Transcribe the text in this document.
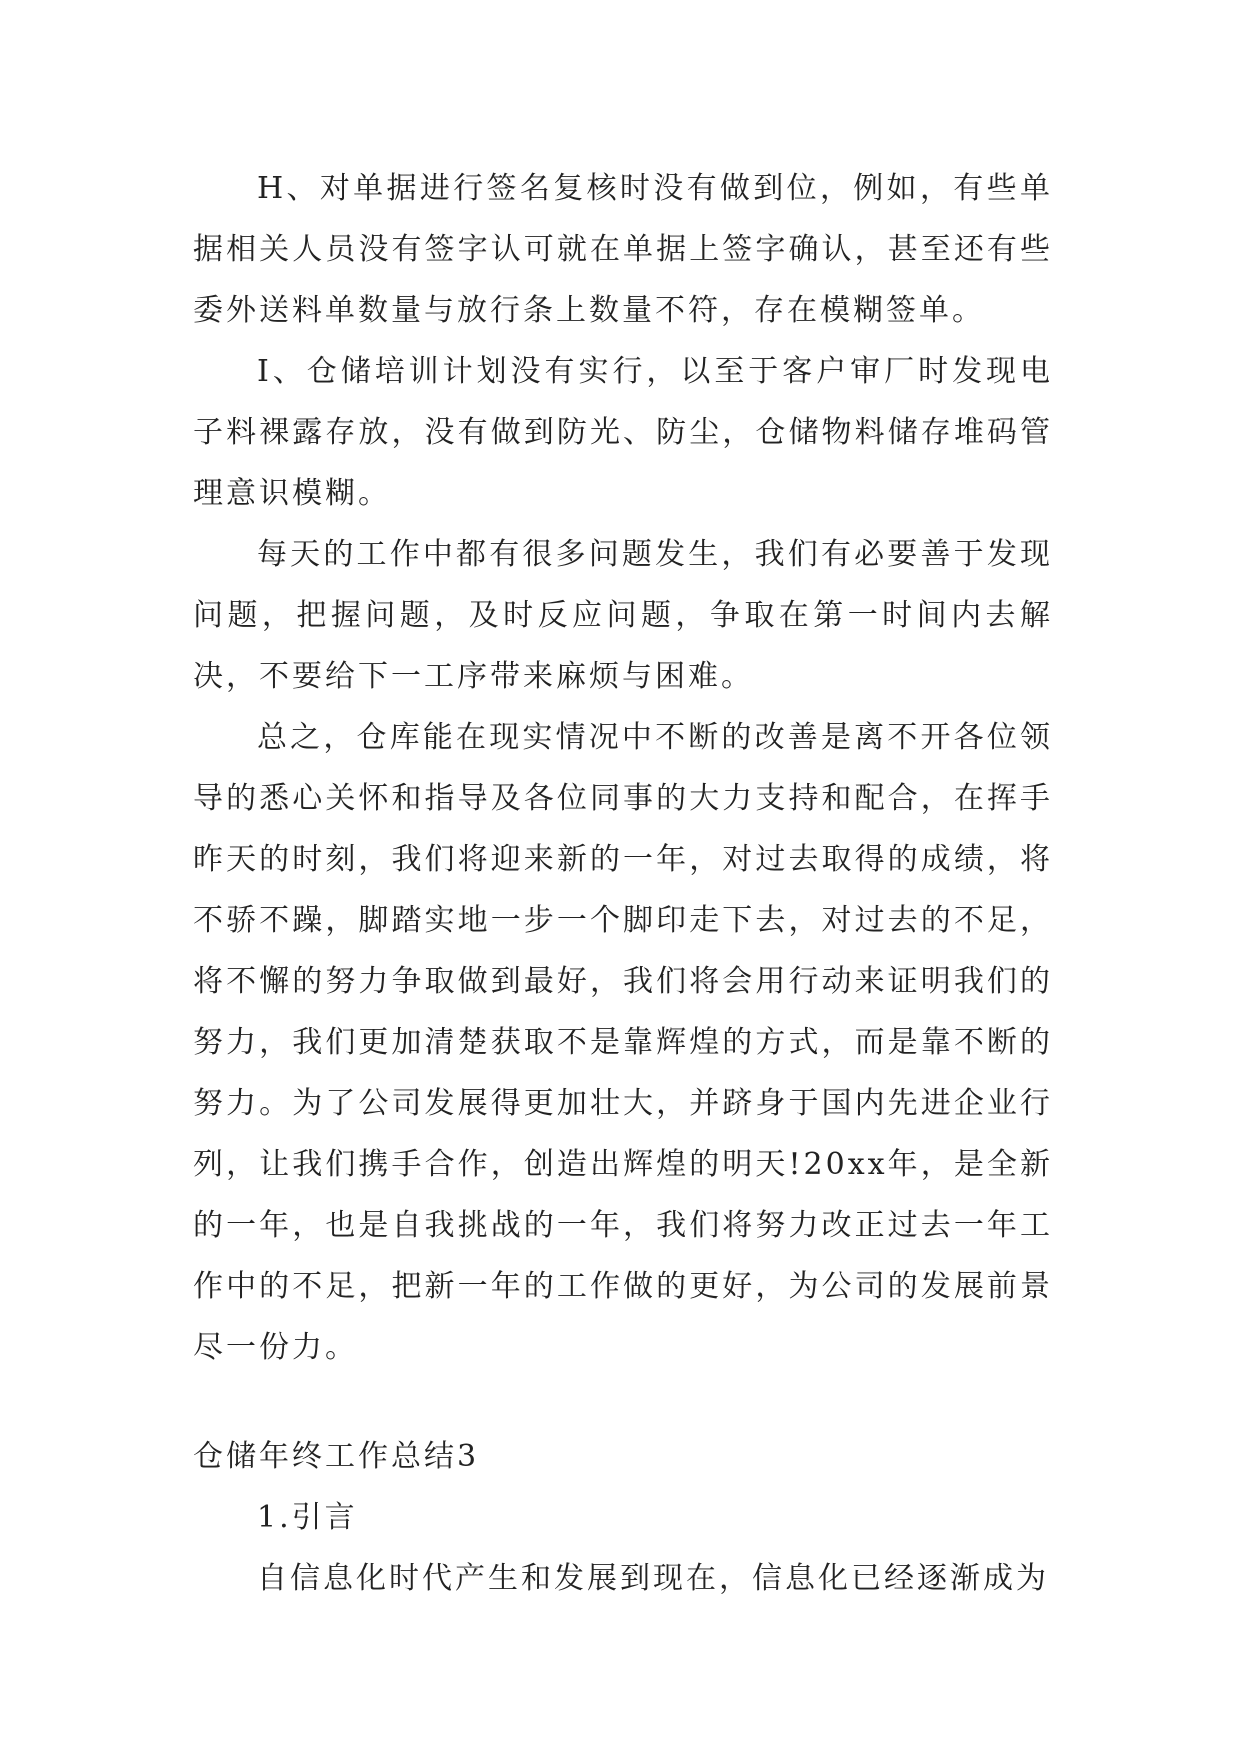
H、对单据进行签名复核时没有做到位，例如，有些单据相关人员没有签字认可就在单据上签字确认，甚至还有些委外送料单数量与放行条上数量不符，存在模糊签单。

I、仓储培训计划没有实行，以至于客户审厂时发现电子料裸露存放，没有做到防光、防尘，仓储物料储存堆码管理意识模糊。

每天的工作中都有很多问题发生，我们有必要善于发现问题，把握问题，及时反应问题，争取在第一时间内去解决，不要给下一工序带来麻烦与困难。

总之，仓库能在现实情况中不断的改善是离不开各位领导的悉心关怀和指导及各位同事的大力支持和配合，在挥手昨天的时刻，我们将迎来新的一年，对过去取得的成绩，将不骄不躁，脚踏实地一步一个脚印走下去，对过去的不足，将不懈的努力争取做到最好，我们将会用行动来证明我们的努力，我们更加清楚获取不是靠辉煌的方式，而是靠不断的努力。为了公司发展得更加壮大，并跻身于国内先进企业行列，让我们携手合作，创造出辉煌的明天!20xx年，是全新的一年，也是自我挑战的一年，我们将努力改正过去一年工作中的不足，把新一年的工作做的更好，为公司的发展前景尽一份力。

仓储年终工作总结3

1.引言

自信息化时代产生和发展到现在，信息化已经逐渐成为
